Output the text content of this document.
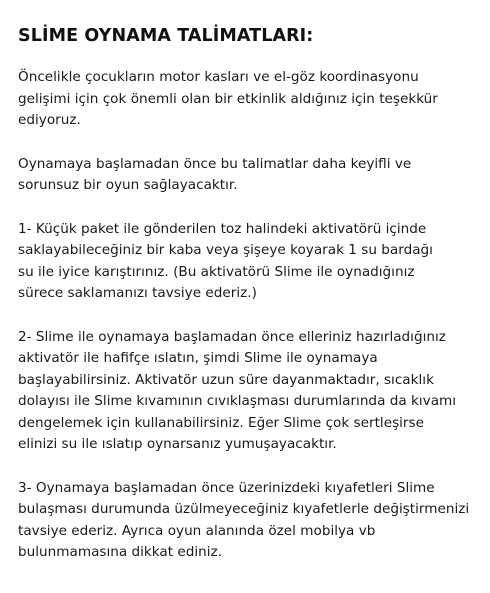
SLİME OYNAMA TALİMATLARI:

Öncelikle çocukların motor kasları ve el-göz koordinasyonu
gelişimi için çok önemli olan bir etkinlik aldığınız için teşekkür
ediyoruz.

Oynamaya başlamadan önce bu talimatlar daha keyifli ve
sorunsuz bir oyun sağlayacaktır.

1- Küçük paket ile gönderilen toz halindeki aktivatörü içinde
saklayabileceğiniz bir kaba veya şişeye koyarak 1 su bardağı
su ile iyice karıştırınız. (Bu aktivatörü Slime ile oynadığınız
sürece saklamanızı tavsiye ederiz.)

2- Slime ile oynamaya başlamadan önce elleriniz hazırladığınız
aktivatör ile hafifçe ıslatın, şimdi Slime ile oynamaya
başlayabilirsiniz. Aktivatör uzun süre dayanmaktadır, sıcaklık
dolayısı ile Slime kıvamının cıvıklaşması durumlarında da kıvamı
dengelemek için kullanabilirsiniz. Eğer Slime çok sertleşirse
elinizi su ile ıslatıp oynarsanız yumuşayacaktır.

3- Oynamaya başlamadan önce üzerinizdeki kıyafetleri Slime
bulaşması durumunda üzülmeyeceğiniz kıyafetlerle değiştirmenizi
tavsiye ederiz. Ayrıca oyun alanında özel mobilya vb
bulunmamasına dikkat ediniz.
